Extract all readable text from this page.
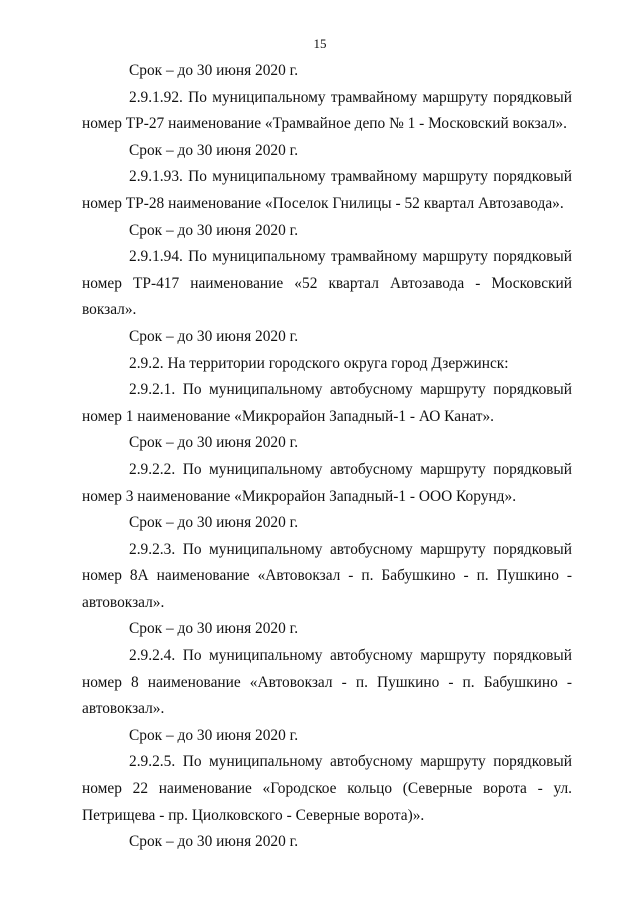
15

Срок – до 30 июня 2020 г.

2.9.1.92. По муниципальному трамвайному маршруту порядковый номер ТР-27 наименование «Трамвайное депо № 1 - Московский вокзал».

Срок – до 30 июня 2020 г.

2.9.1.93. По муниципальному трамвайному маршруту порядковый номер ТР-28 наименование «Поселок Гнилицы - 52 квартал Автозавода».

Срок – до 30 июня 2020 г.

2.9.1.94. По муниципальному трамвайному маршруту порядковый номер ТР-417 наименование «52 квартал Автозавода - Московский вокзал».

Срок – до 30 июня 2020 г.

2.9.2. На территории городского округа город Дзержинск:

2.9.2.1. По муниципальному автобусному маршруту порядковый номер 1 наименование «Микрорайон Западный-1 - АО Канат».

Срок – до 30 июня 2020 г.

2.9.2.2. По муниципальному автобусному маршруту порядковый номер 3 наименование «Микрорайон Западный-1 - ООО Корунд».

Срок – до 30 июня 2020 г.

2.9.2.3. По муниципальному автобусному маршруту порядковый номер 8А наименование «Автовокзал - п. Бабушкино - п. Пушкино - автовокзал».

Срок – до 30 июня 2020 г.

2.9.2.4. По муниципальному автобусному маршруту порядковый номер 8 наименование «Автовокзал - п. Пушкино - п. Бабушкино - автовокзал».

Срок – до 30 июня 2020 г.

2.9.2.5. По муниципальному автобусному маршруту порядковый номер 22 наименование «Городское кольцо (Северные ворота - ул. Петрищева - пр. Циолковского - Северные ворота)».

Срок – до 30 июня 2020 г.
